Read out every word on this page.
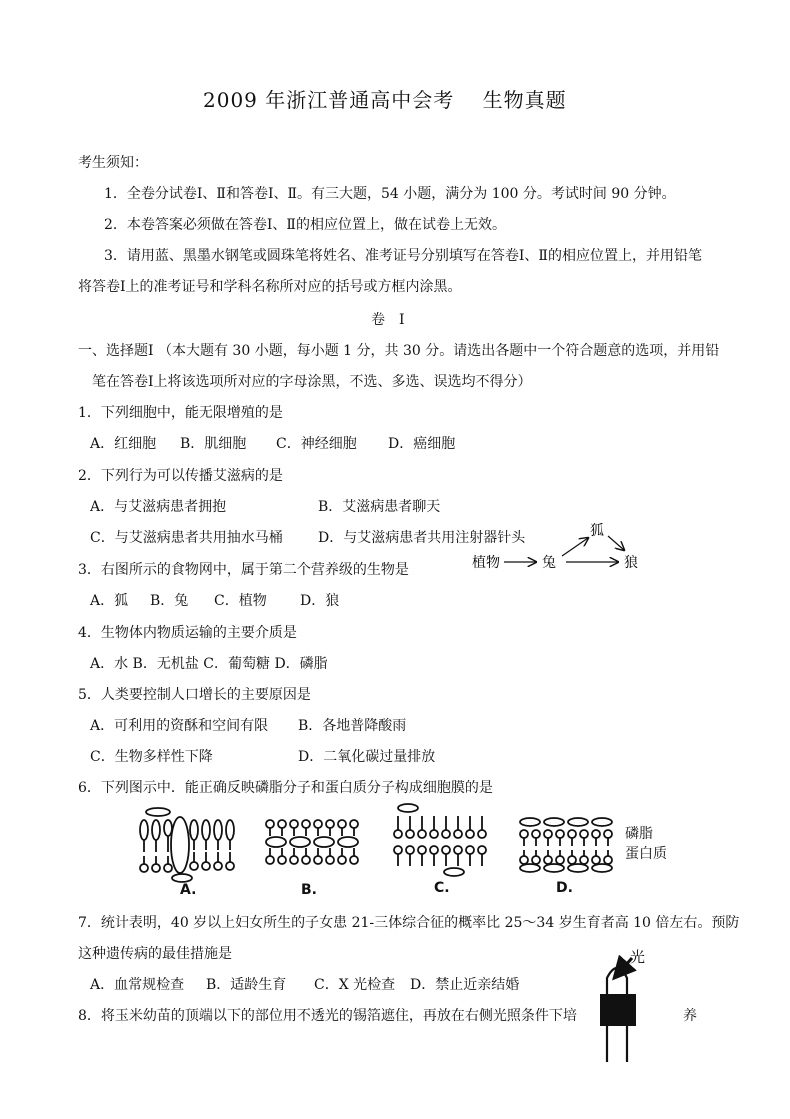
2009 年浙江普通高中会考　 生物真题
考生须知：
1．全卷分试卷Ⅰ、Ⅱ和答卷Ⅰ、Ⅱ。有三大题，54 小题，满分为 100 分。考试时间 90 分钟。
2．本卷答案必须做在答卷Ⅰ、Ⅱ的相应位置上，做在试卷上无效。
3．请用蓝、黑墨水钢笔或圆珠笔将姓名、准考证号分别填写在答卷Ⅰ、Ⅱ的相应位置上，并用铅笔
将答卷Ⅰ上的准考证号和学科名称所对应的括号或方框内涂黑。
卷　Ⅰ
一、选择题Ⅰ （本大题有 30 小题，每小题 1 分，共 30 分。请选出各题中一个符合题意的选项，并用铅
笔在答卷Ⅰ上将该选项所对应的字母涂黑，不选、多选、误选均不得分）
1．下列细胞中，能无限增殖的是
A．红细胞 B．肌细胞 C．神经细胞 D．癌细胞
2．下列行为可以传播艾滋病的是
A．与艾滋病患者拥抱	B．艾滋病患者聊天
C．与艾滋病患者共用抽水马桶	D．与艾滋病患者共用注射器针头
植物	兔
狐
狼
3．右图所示的食物网中，属于第二个营养级的生物是
A．狐 B．兔 C．植物 D．狼
4．生物体内物质运输的主要介质是
A．水 B．无机盐 C．葡萄糖 D．磷脂
5．人类要控制人口增长的主要原因是
A．可利用的资酥和空间有限 B．各地普降酸雨
C．生物多样性下降	D．二氧化碳过量排放
6．下列图示中．能正确反映磷脂分子和蛋白质分子构成细胞膜的是
A.	B.	C.	D.
磷脂
蛋白质
7．统计表明，40 岁以上妇女所生的子女患 21-三体综合征的概率比 25～34 岁生育者高 10 倍左右。预防
这种遗传病的最佳措施是
A．血常规检查 B．适龄生育 C．X 光检查 D．禁止近亲结婚
8．将玉米幼苗的顶端以下的部位用不透光的锡箔遮住，再放在右侧光照条件下培	养
光
